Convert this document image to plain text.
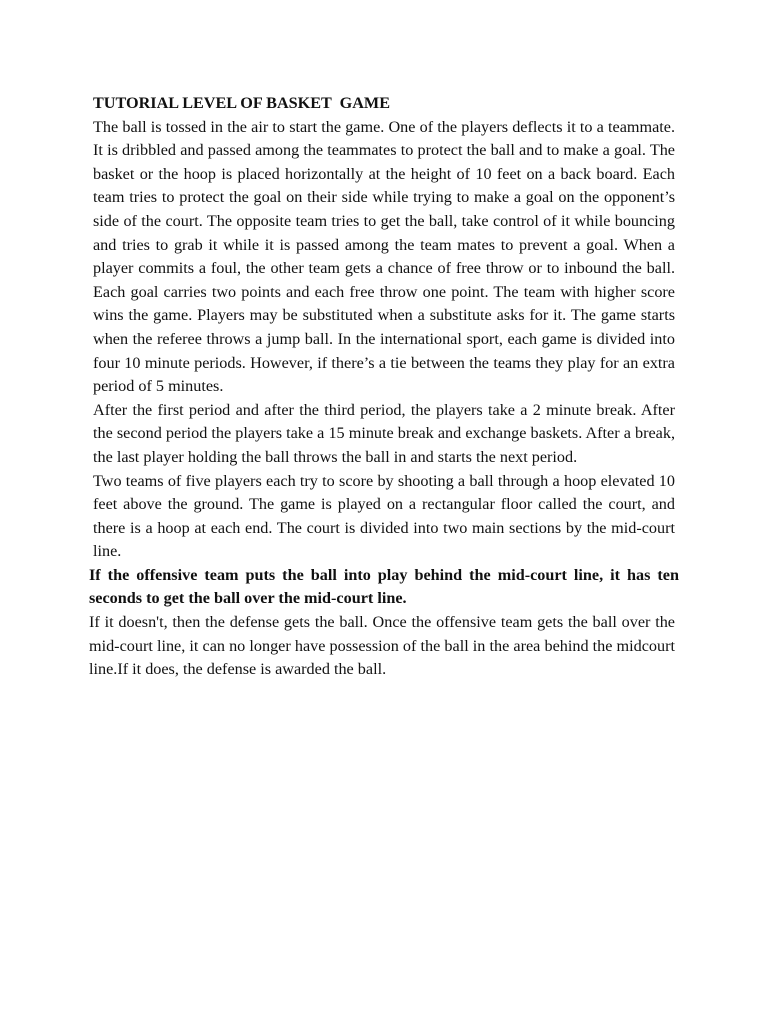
TUTORIAL LEVEL OF BASKET  GAME

The ball is tossed in the air to start the game. One of the players deflects it to a teammate. It is dribbled and passed among the teammates to protect the ball and to make a goal. The basket or the hoop is placed horizontally at the height of 10 feet on a back board. Each team tries to protect the goal on their side while trying to make a goal on the opponent’s side of the court. The opposite team tries to get the ball, take control of it while bouncing and tries to grab it while it is passed among the team mates to prevent a goal. When a player commits a foul, the other team gets a chance of free throw or to inbound the ball. Each goal carries two points and each free throw one point. The team with higher score wins the game. Players may be substituted when a substitute asks for it. The game starts when the referee throws a jump ball. In the international sport, each game is divided into four 10 minute periods. However, if there’s a tie between the teams they play for an extra period of 5 minutes.

After the first period and after the third period, the players take a 2 minute break. After the second period the players take a 15 minute break and exchange baskets. After a break, the last player holding the ball throws the ball in and starts the next period.

Two teams of five players each try to score by shooting a ball through a hoop elevated 10 feet above the ground. The game is played on a rectangular floor called the court, and there is a hoop at each end. The court is divided into two main sections by the mid-court line.

If the offensive team puts the ball into play behind the mid-court line, it has ten seconds to get the ball over the mid-court line.

If it doesn't, then the defense gets the ball. Once the offensive team gets the ball over the mid-court line, it can no longer have possession of the ball in the area behind the midcourt line.If it does, the defense is awarded the ball.
